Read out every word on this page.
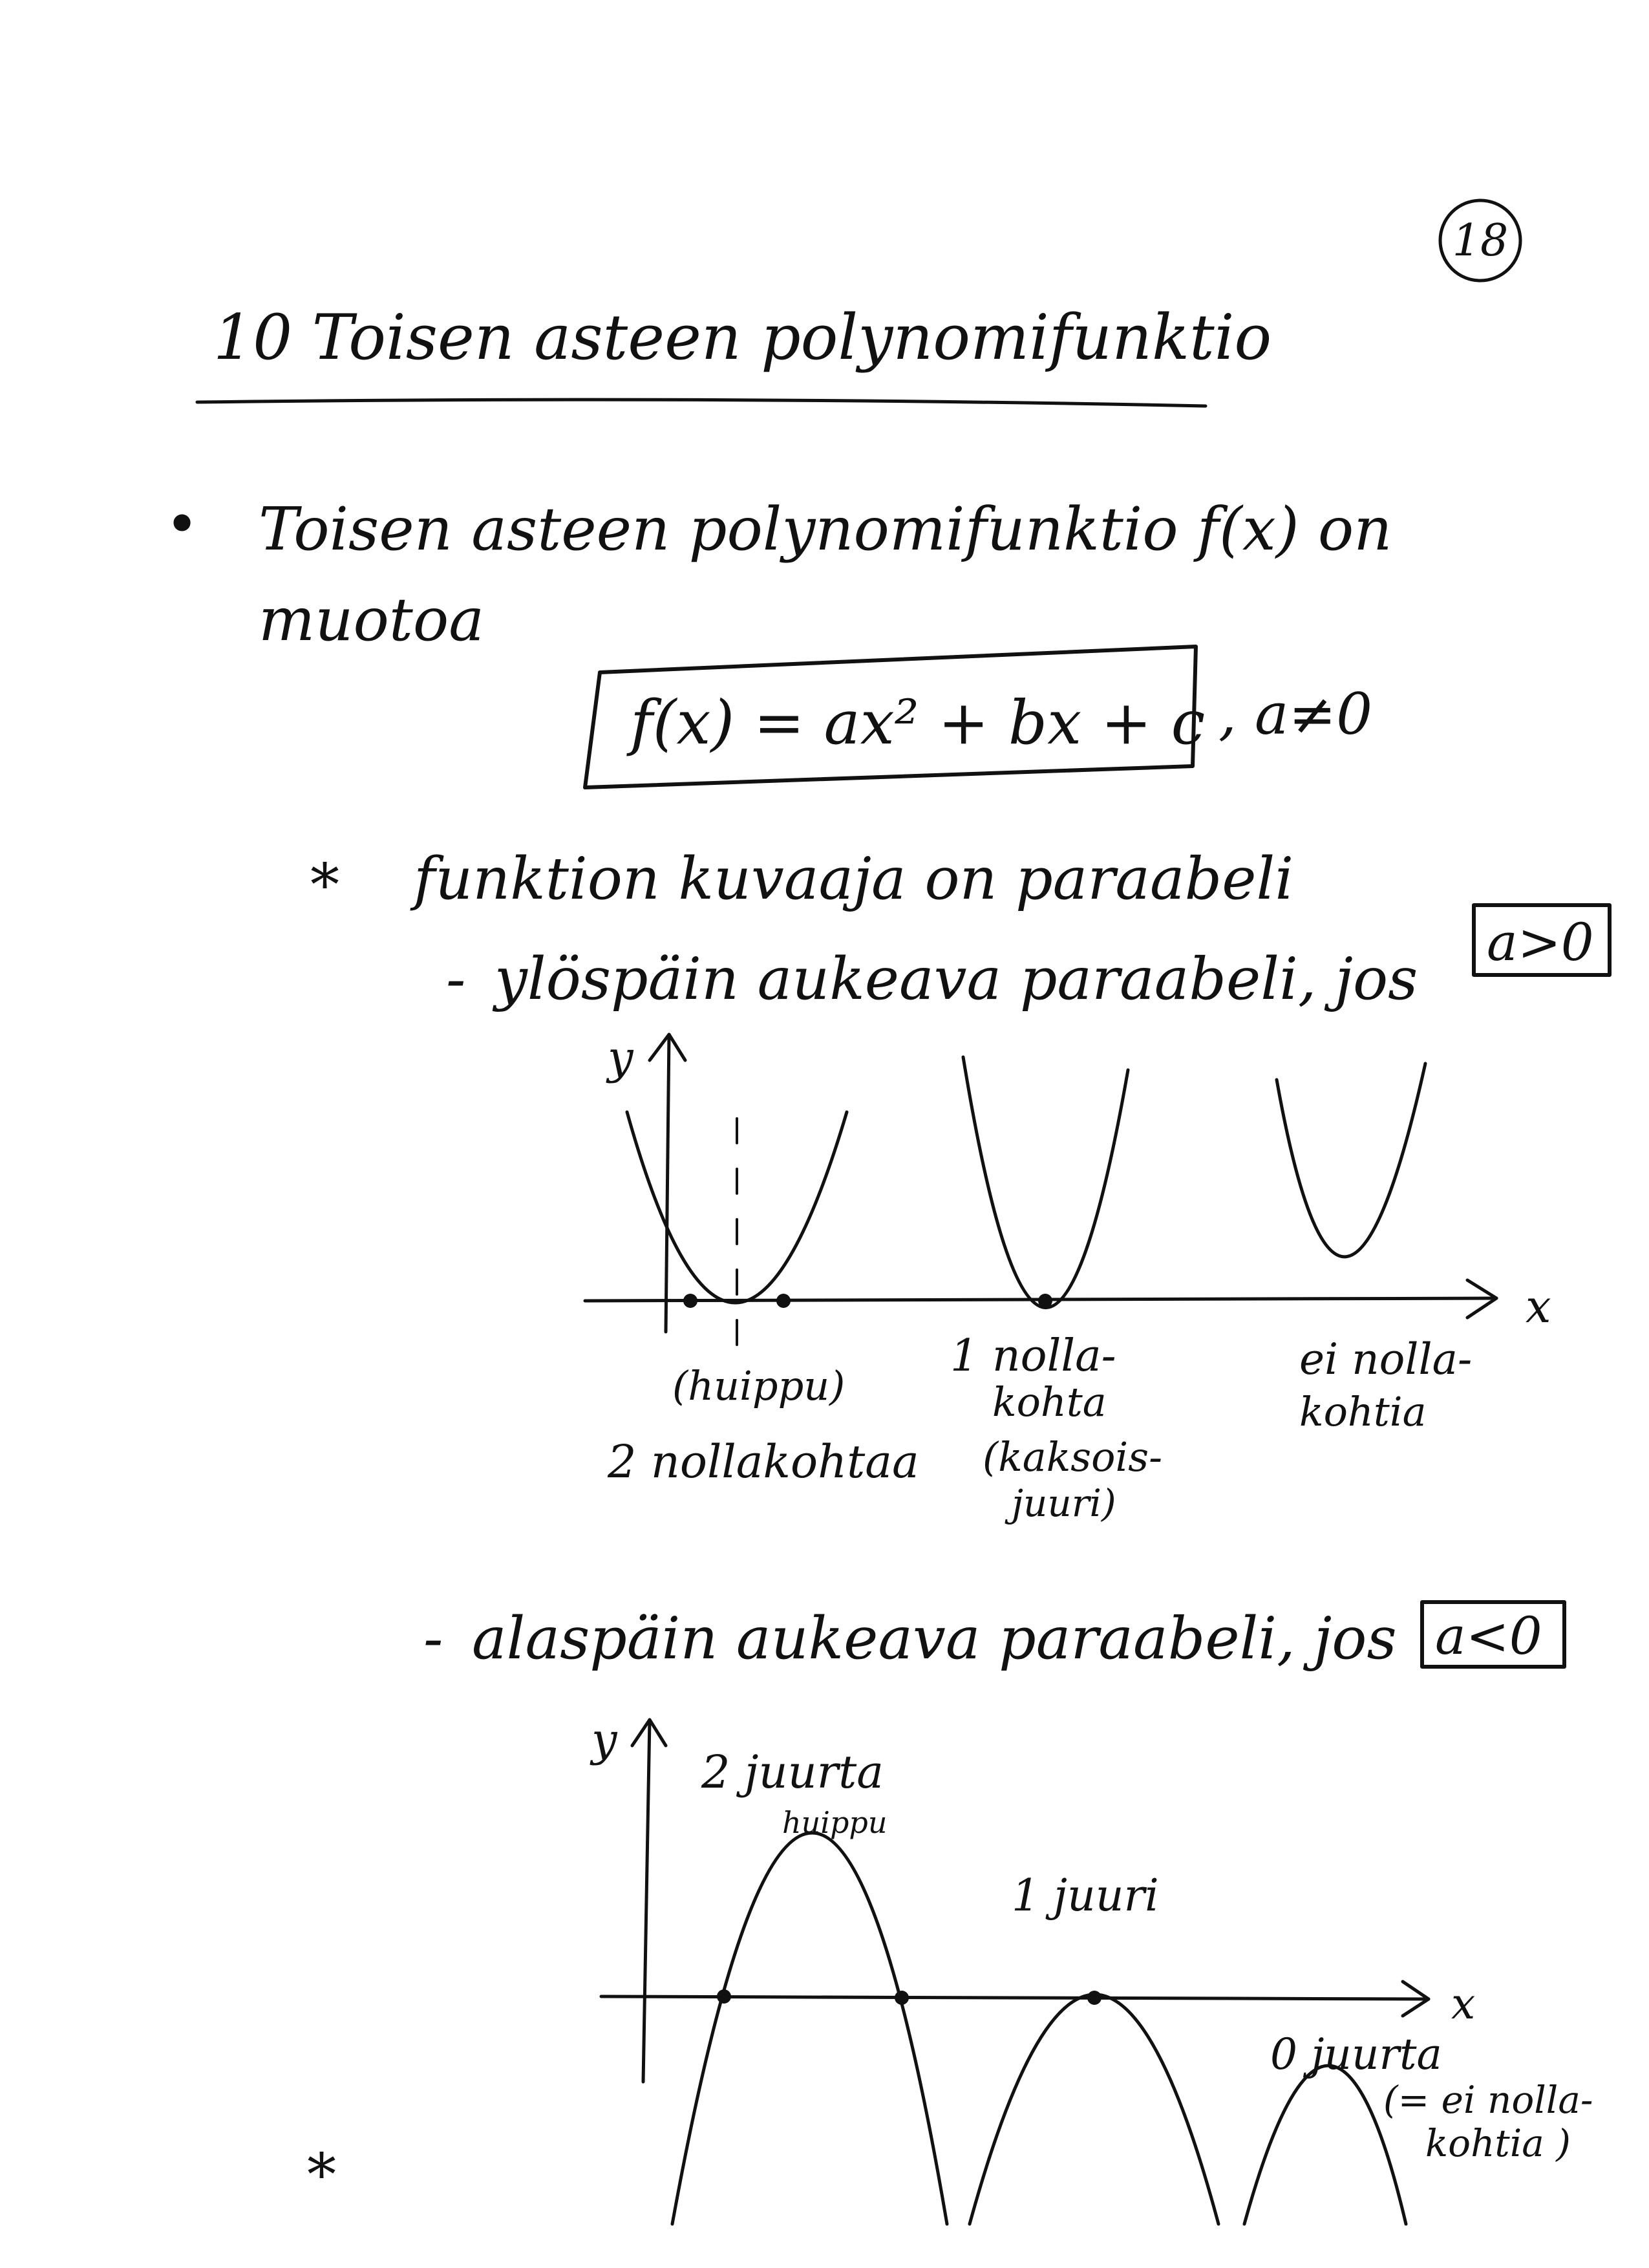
18
10 Toisen asteen polynomifunktio
• Toisen asteen polynomifunktio f(x) on
muotoa
f(x) = ax² + bx + c , a≠0
* funktion kuvaaja on paraabeli
- ylöspäin aukeava paraabeli, jos
a>0
y
x
(huippu)
2 nollakohtaa
1 nolla-
kohta
(kaksois-
juuri)
ei nolla-
kohtia
- alaspäin aukeava paraabeli, jos a<0
y
x
2 juurta
huippu
1 juuri
0 juurta
(= ei nolla-
kohtia )
*
